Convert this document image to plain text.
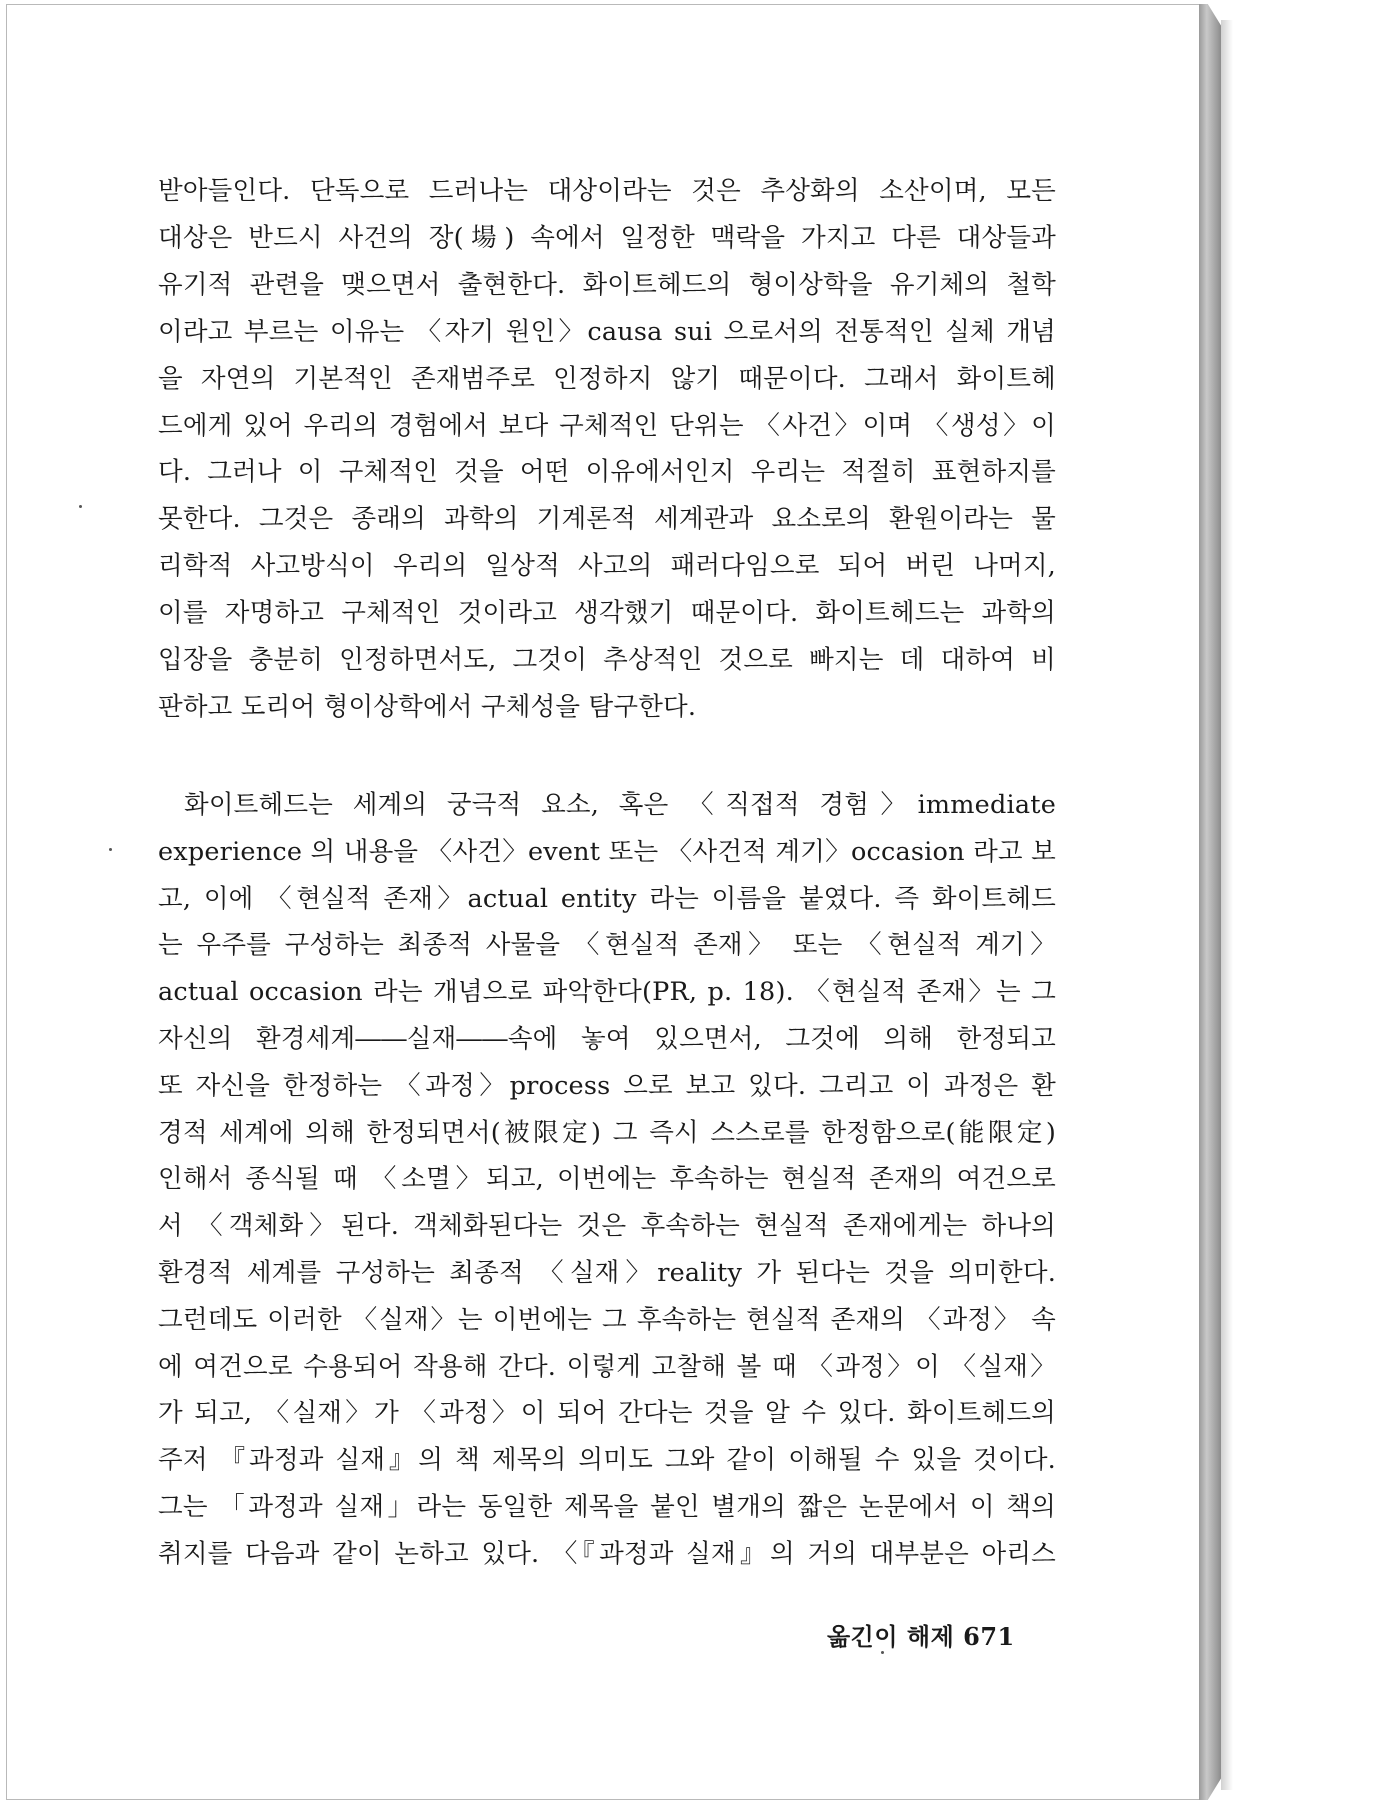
받아들인다. 단독으로 드러나는 대상이라는 것은 추상화의 소산이며, 모든
대상은 반드시 사건의 장(場) 속에서 일정한 맥락을 가지고 다른 대상들과
유기적 관련을 맺으면서 출현한다. 화이트헤드의 형이상학을 유기체의 철학
이라고 부르는 이유는 〈자기 원인〉causa sui 으로서의 전통적인 실체 개념
을 자연의 기본적인 존재범주로 인정하지 않기 때문이다. 그래서 화이트헤
드에게 있어 우리의 경험에서 보다 구체적인 단위는 〈사건〉이며 〈생성〉이
다. 그러나 이 구체적인 것을 어떤 이유에서인지 우리는 적절히 표현하지를
못한다. 그것은 종래의 과학의 기계론적 세계관과 요소로의 환원이라는 물
리학적 사고방식이 우리의 일상적 사고의 패러다임으로 되어 버린 나머지,
이를 자명하고 구체적인 것이라고 생각했기 때문이다. 화이트헤드는 과학의
입장을 충분히 인정하면서도, 그것이 추상적인 것으로 빠지는 데 대하여 비
판하고 도리어 형이상학에서 구체성을 탐구한다.
화이트헤드는 세계의 궁극적 요소, 혹은 〈직접적 경험〉immediate
experience 의 내용을 〈사건〉event 또는 〈사건적 계기〉occasion 라고 보
고, 이에 〈현실적 존재〉actual entity 라는 이름을 붙였다. 즉 화이트헤드
는 우주를 구성하는 최종적 사물을 〈현실적 존재〉 또는 〈현실적 계기〉
actual occasion 라는 개념으로 파악한다(PR, p. 18). 〈현실적 존재〉는 그
자신의 환경세계――실재――속에 놓여 있으면서, 그것에 의해 한정되고
또 자신을 한정하는 〈과정〉process 으로 보고 있다. 그리고 이 과정은 환
경적 세계에 의해 한정되면서(被限定) 그 즉시 스스로를 한정함으로(能限定)
인해서 종식될 때 〈소멸〉되고, 이번에는 후속하는 현실적 존재의 여건으로
서 〈객체화〉된다. 객체화된다는 것은 후속하는 현실적 존재에게는 하나의
환경적 세계를 구성하는 최종적 〈실재〉reality 가 된다는 것을 의미한다.
그런데도 이러한 〈실재〉는 이번에는 그 후속하는 현실적 존재의 〈과정〉 속
에 여건으로 수용되어 작용해 간다. 이렇게 고찰해 볼 때 〈과정〉이 〈실재〉
가 되고, 〈실재〉가 〈과정〉이 되어 간다는 것을 알 수 있다. 화이트헤드의
주저 『과정과 실재』의 책 제목의 의미도 그와 같이 이해될 수 있을 것이다.
그는 「과정과 실재」라는 동일한 제목을 붙인 별개의 짧은 논문에서 이 책의
취지를 다음과 같이 논하고 있다. 〈『과정과 실재』의 거의 대부분은 아리스
옮긴이 해제 671
